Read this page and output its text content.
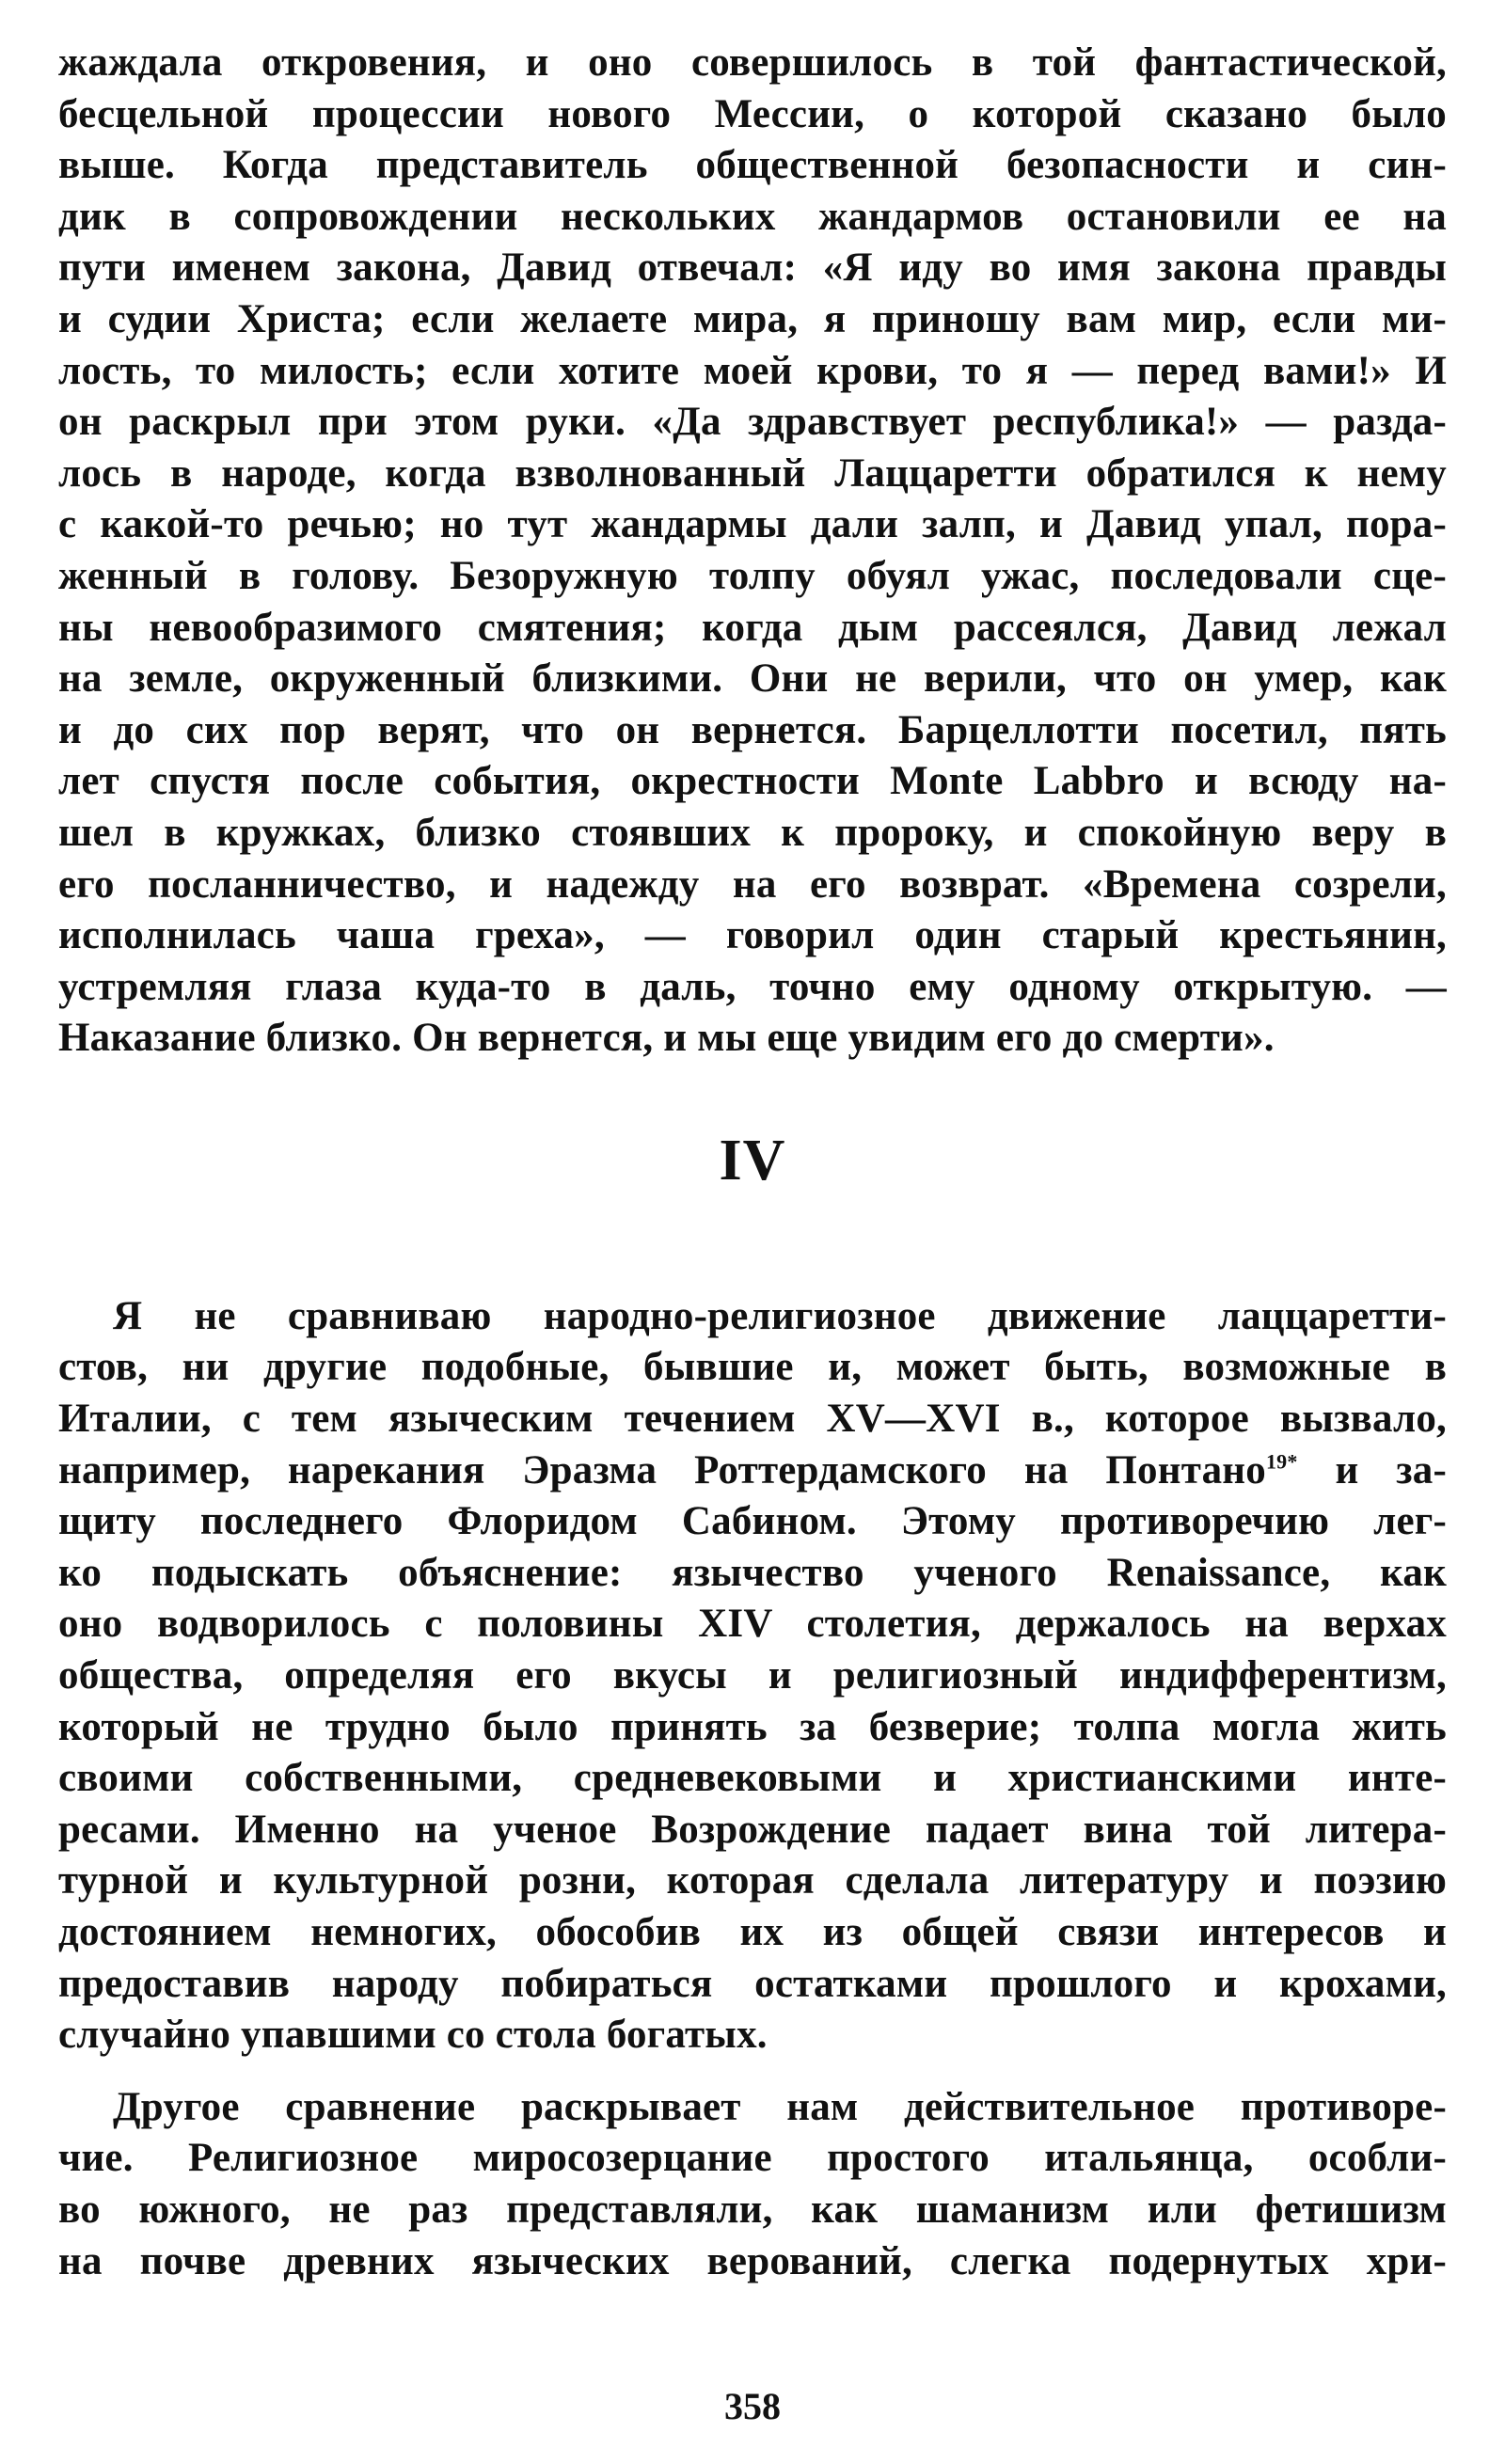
жаждала откровения, и оно совершилось в той фантастической,
бесцельной процессии нового Мессии, о которой сказано было
выше. Когда представитель общественной безопасности и син-
дик в сопровождении нескольких жандармов остановили ее на
пути именем закона, Давид отвечал: «Я иду во имя закона правды
и судии Христа; если желаете мира, я приношу вам мир, если ми-
лость, то милость; если хотите моей крови, то я — перед вами!» И
он раскрыл при этом руки. «Да здравствует республика!» — разда-
лось в народе, когда взволнованный Лаццаретти обратился к нему
с какой-то речью; но тут жандармы дали залп, и Давид упал, пора-
женный в голову. Безоружную толпу обуял ужас, последовали сце-
ны невообразимого смятения; когда дым рассеялся, Давид лежал
на земле, окруженный близкими. Они не верили, что он умер, как
и до сих пор верят, что он вернется. Барцеллотти посетил, пять
лет спустя после события, окрестности Monte Labbro и всюду на-
шел в кружках, близко стоявших к пророку, и спокойную веру в
его посланничество, и надежду на его возврат. «Времена созрели,
исполнилась чаша греха», — говорил один старый крестьянин,
устремляя глаза куда-то в даль, точно ему одному открытую. —
Наказание близко. Он вернется, и мы еще увидим его до смерти».
IV
Я не сравниваю народно-религиозное движение лаццаретти-
стов, ни другие подобные, бывшие и, может быть, возможные в
Италии, с тем языческим течением XV—XVI в., которое вызвало,
например, нарекания Эразма Роттердамского на Понтано$^{19*}$ и за-
щиту последнего Флоридом Сабином. Этому противоречию лег-
ко подыскать объяснение: язычество ученого Renaissance, как
оно водворилось с половины XIV столетия, держалось на верхах
общества, определяя его вкусы и религиозный индифферентизм,
который не трудно было принять за безверие; толпа могла жить
своими собственными, средневековыми и христианскими инте-
ресами. Именно на ученое Возрождение падает вина той литера-
турной и культурной розни, которая сделала литературу и поэзию
достоянием немногих, обособив их из общей связи интересов и
предоставив народу побираться остатками прошлого и крохами,
случайно упавшими со стола богатых.
Другое сравнение раскрывает нам действительное противоре-
чие. Религиозное миросозерцание простого итальянца, особли-
во южного, не раз представляли, как шаманизм или фетишизм
на почве древних языческих верований, слегка подернутых хри-
358
